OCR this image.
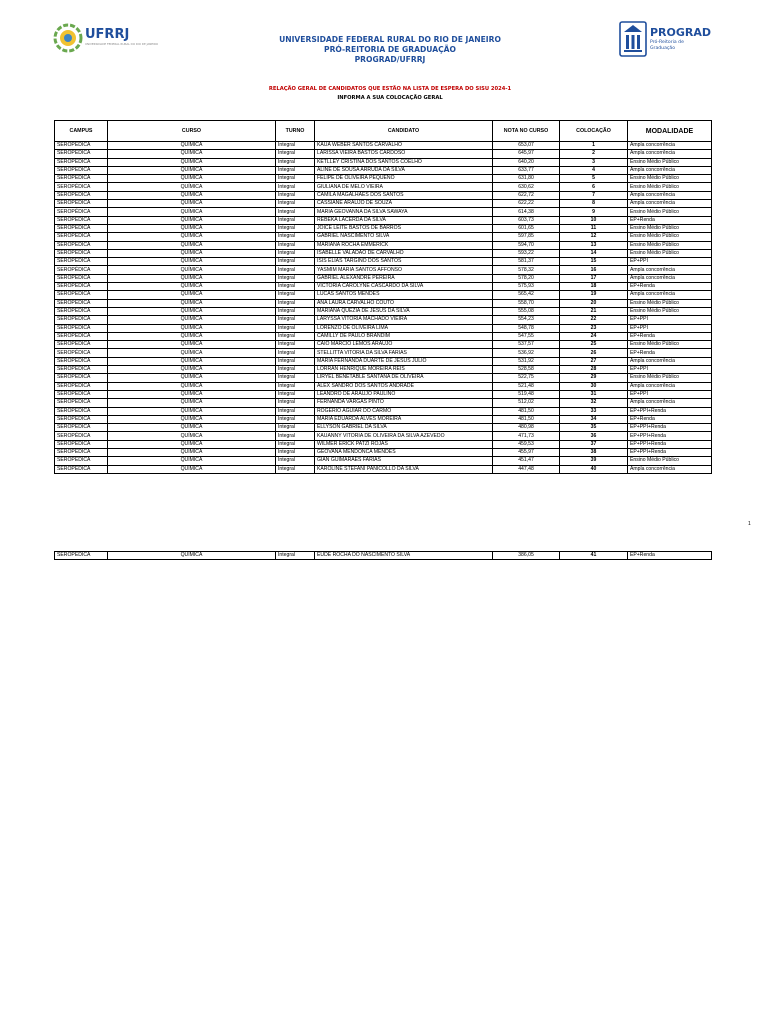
UFRRJ
UNIVERSIDADE FEDERAL RURAL DO RIO DE JANEIRO
PROGRAD
Pró-Reitoria de
Graduação
UNIVERSIDADE FEDERAL RURAL DO RIO DE JANEIRO
PRÓ-REITORIA DE GRADUAÇÃO
PROGRAD/UFRRJ
RELAÇÃO GERAL DE CANDIDATOS QUE ESTÃO NA LISTA DE ESPERA DO SISU 2024-1
INFORMA A SUA COLOCAÇÃO GERAL
CAMPUS	CURSO	TURNO	CANDIDATO	NOTA NO CURSO	COLOCAÇÃO	MODALIDADE
SEROPÉDICA	QUÍMICA	Integral	KAUA WEBER SANTOS CARVALHO	653,07	1	Ampla concorrência
SEROPÉDICA	QUÍMICA	Integral	LARISSA VIEIRA BASTOS CARDOSO	645,97	2	Ampla concorrência
SEROPÉDICA	QUÍMICA	Integral	KETLLEY CRISTINA DOS SANTOS COELHO	640,20	3	Ensino Médio Público
SEROPÉDICA	QUÍMICA	Integral	ALINE DE SOUSA ARRUDA DA SILVA	633,77	4	Ampla concorrência
SEROPÉDICA	QUÍMICA	Integral	FELIPE DE OLIVEIRA PEQUENO	631,80	5	Ensino Médio Público
SEROPÉDICA	QUÍMICA	Integral	GIULIANA DE MELO VIEIRA	630,62	6	Ensino Médio Público
SEROPÉDICA	QUÍMICA	Integral	CAMILA MAGALHAES DOS SANTOS	622,72	7	Ampla concorrência
SEROPÉDICA	QUÍMICA	Integral	CASSIANE ARAUJO DE SOUZA	622,22	8	Ampla concorrência
SEROPÉDICA	QUÍMICA	Integral	MARIA GEOVANNA DA SILVA SAWAYA	614,38	9	Ensino Médio Público
SEROPÉDICA	QUÍMICA	Integral	REBEKA LACERDA DA SILVA	603,73	10	EP+Renda
SEROPÉDICA	QUÍMICA	Integral	JOICE LEITE BASTOS DE BARROS	601,65	11	Ensino Médio Público
SEROPÉDICA	QUÍMICA	Integral	GABRIEL NASCIMENTO SILVA	597,85	12	Ensino Médio Público
SEROPÉDICA	QUÍMICA	Integral	MARIANA ROCHA EMMERICK	594,70	13	Ensino Médio Público
SEROPÉDICA	QUÍMICA	Integral	ISABELLE VALADAO DE CARVALHO	593,22	14	Ensino Médio Público
SEROPÉDICA	QUÍMICA	Integral	ISIS ELIAS TARGINO DOS SANTOS	581,37	15	EP+PPI
SEROPÉDICA	QUÍMICA	Integral	YASMIM MARIA SANTOS AFFONSO	578,32	16	Ampla concorrência
SEROPÉDICA	QUÍMICA	Integral	GABRIEL ALEXANDRE PEREIRA	578,20	17	Ampla concorrência
SEROPÉDICA	QUÍMICA	Integral	VICTORIA CAROLYNE CASCARDO DA SILVA	575,93	18	EP+Renda
SEROPÉDICA	QUÍMICA	Integral	LUCAS SANTOS MENDES	565,42	19	Ampla concorrência
SEROPÉDICA	QUÍMICA	Integral	ANA LAURA CARVALHO COUTO	558,70	20	Ensino Médio Público
SEROPÉDICA	QUÍMICA	Integral	MARIANA QUEZIA DE JESUS DA SILVA	555,08	21	Ensino Médio Público
SEROPÉDICA	QUÍMICA	Integral	LARYSSA VITORIA MACHADO VIEIRA	554,23	22	EP+PPI
SEROPÉDICA	QUÍMICA	Integral	LORENZO DE OLIVEIRA LIMA	548,78	23	EP+PPI
SEROPÉDICA	QUÍMICA	Integral	CAMILLY DE PAULO BRANDIM	547,55	24	EP+Renda
SEROPÉDICA	QUÍMICA	Integral	CAIO MARCIO LEMOS ARAUJO	537,57	25	Ensino Médio Público
SEROPÉDICA	QUÍMICA	Integral	STELLITTA VITORIA DA SILVA FARIAS	536,92	26	EP+Renda
SEROPÉDICA	QUÍMICA	Integral	MARIA FERNANDA DUARTE DE JESUS JULIO	531,92	27	Ampla concorrência
SEROPÉDICA	QUÍMICA	Integral	LORRAN HENRIQUE MOREIRA REIS	528,58	28	EP+PPI
SEROPÉDICA	QUÍMICA	Integral	LIRYEL BENETABLE SANTANA DE OLIVEIRA	522,75	29	Ensino Médio Público
SEROPÉDICA	QUÍMICA	Integral	ALEX SANDRO DOS SANTOS ANDRADE	521,48	30	Ampla concorrência
SEROPÉDICA	QUÍMICA	Integral	LEANDRO DE ARAUJO PAULINO	519,48	31	EP+PPI
SEROPÉDICA	QUÍMICA	Integral	FERNANDA VARGAS PINTO	512,02	32	Ampla concorrência
SEROPÉDICA	QUÍMICA	Integral	ROGERIO AGUIAR DO CARMO	481,50	33	EP+PPI+Renda
SEROPÉDICA	QUÍMICA	Integral	MARIA EDUARDA ALVES MOREIRA	481,50	34	EP+Renda
SEROPÉDICA	QUÍMICA	Integral	ELLYSON GABRIEL DA SILVA	480,98	35	EP+PPI+Renda
SEROPÉDICA	QUÍMICA	Integral	KAUANNY VITORIA DE OLIVEIRA DA SILVA AZEVEDO	471,73	36	EP+PPI+Renda
SEROPÉDICA	QUÍMICA	Integral	WILMER ERICK PATZI ROJAS	459,53	37	EP+PPI+Renda
SEROPÉDICA	QUÍMICA	Integral	GEOVANA MENDONCA MENDES	455,97	38	EP+PPI+Renda
SEROPÉDICA	QUÍMICA	Integral	GIAN GUIMARAES FARIAS	451,47	39	Ensino Médio Público
SEROPÉDICA	QUÍMICA	Integral	KAROLINE STEFANI PANICOLLO DA SILVA	447,48	40	Ampla concorrência
1
SEROPÉDICA	QUÍMICA	Integral	EUDE ROCHA DO NASCIMENTO SILVA	386,05	41	EP+Renda
